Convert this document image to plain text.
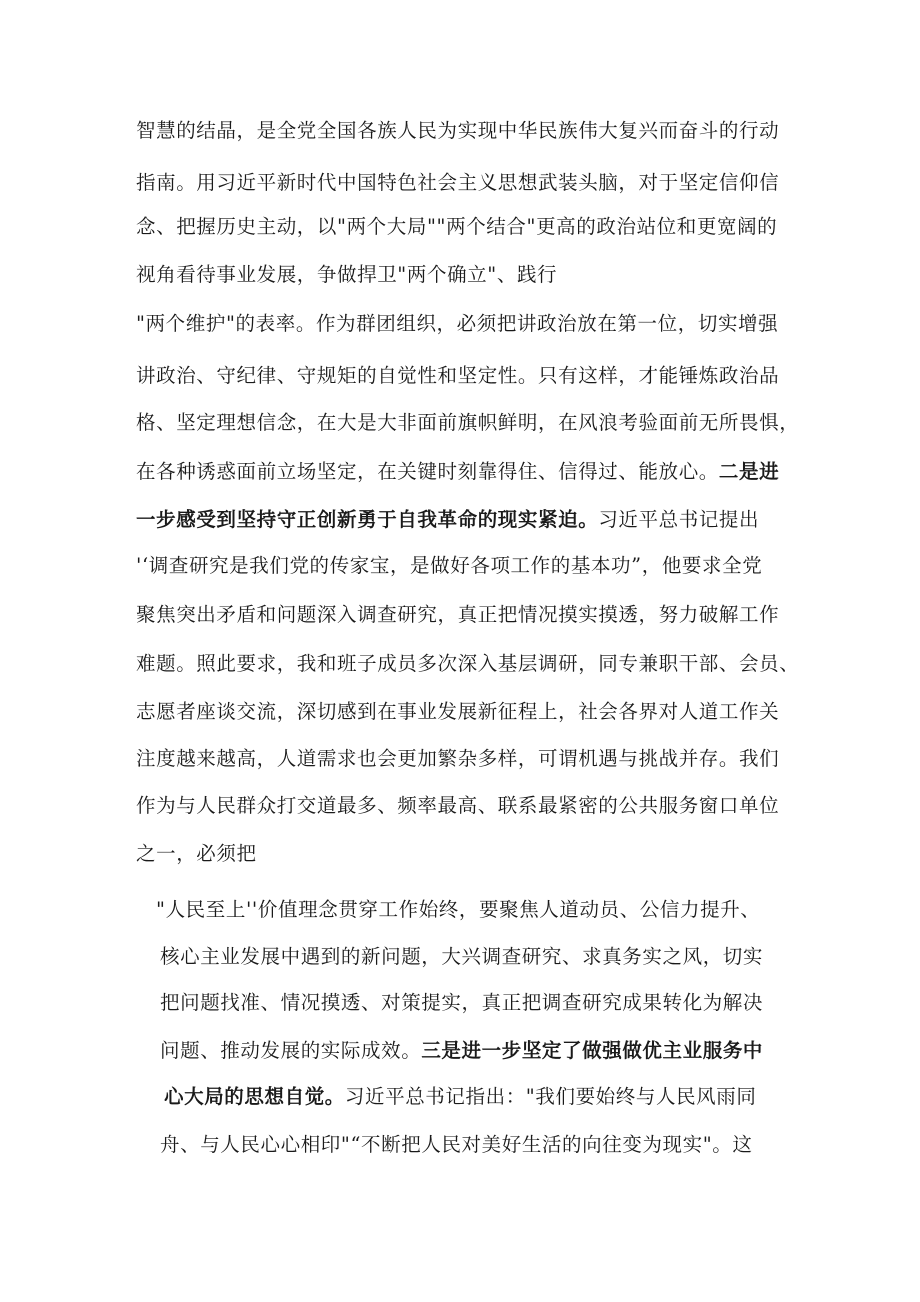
智慧的结晶，是全党全国各族人民为实现中华民族伟大复兴而奋斗的行动
指南。用习近平新时代中国特色社会主义思想武装头脑，对于坚定信仰信
念、把握历史主动，以"两个大局""两个结合"更高的政治站位和更宽阔的
视角看待事业发展，争做捍卫"两个确立"、践行
"两个维护"的表率。作为群团组织，必须把讲政治放在第一位，切实增强
讲政治、守纪律、守规矩的自觉性和坚定性。只有这样，才能锤炼政治品
格、坚定理想信念，在大是大非面前旗帜鲜明，在风浪考验面前无所畏惧，
在各种诱惑面前立场坚定，在关键时刻靠得住、信得过、能放心。二是进
一步感受到坚持守正创新勇于自我革命的现实紧迫。习近平总书记提出
'‘调查研究是我们党的传家宝，是做好各项工作的基本功”，他要求全党
聚焦突出矛盾和问题深入调查研究，真正把情况摸实摸透，努力破解工作
难题。照此要求，我和班子成员多次深入基层调研，同专兼职干部、会员、
志愿者座谈交流，深切感到在事业发展新征程上，社会各界对人道工作关
注度越来越高，人道需求也会更加繁杂多样，可谓机遇与挑战并存。我们
作为与人民群众打交道最多、频率最高、联系最紧密的公共服务窗口单位
之一，必须把
"人民至上''价值理念贯穿工作始终，要聚焦人道动员、公信力提升、
核心主业发展中遇到的新问题，大兴调查研究、求真务实之风，切实
把问题找准、情况摸透、对策提实，真正把调查研究成果转化为解决
问题、推动发展的实际成效。三是进一步坚定了做强做优主业服务中
心大局的思想自觉。习近平总书记指出："我们要始终与人民风雨同
舟、与人民心心相印"“不断把人民对美好生活的向往变为现实"。这
